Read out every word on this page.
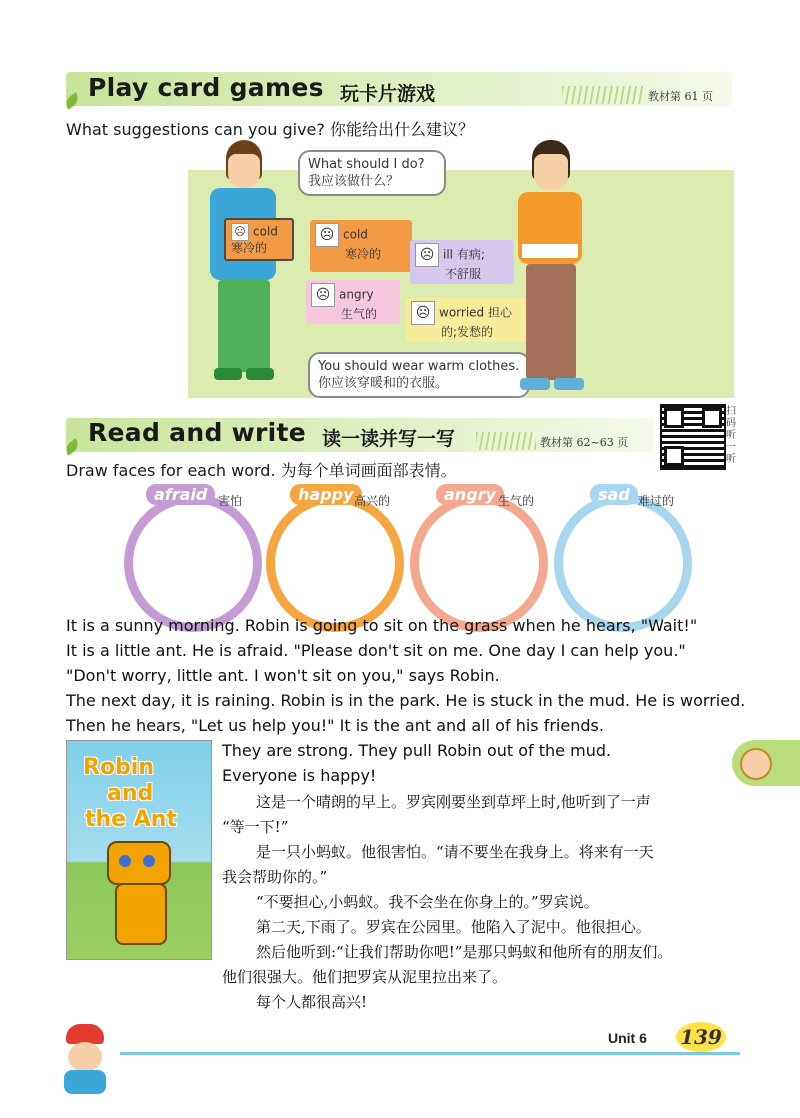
Play card games 玩卡片游戏	教材第 61 页
What suggestions can you give? 你能给出什么建议？
☹ cold
寒冷的
What should I do?
我应该做什么？
☹ cold
寒冷的	☹ ill 有病;
不舒服
☹ angry
生气的	☹ worried 担心
的;发愁的
You should wear warm clothes.
你应该穿暖和的衣服。
Read and write 读一读并写一写	教材第 62~63 页
扫码听一听
Draw faces for each word. 为每个单词画面部表情。
afraid 害怕	happy 高兴的	angry 生气的	sad 难过的
It is a sunny morning. Robin is going to sit on the grass when he hears, "Wait!"
It is a little ant. He is afraid. "Please don't sit on me. One day I can help you."
"Don't worry, little ant. I won't sit on you," says Robin.
The next day, it is raining. Robin is in the park. He is stuck in the mud. He is worried.
Then he hears, "Let us help you!" It is the ant and all of his friends.
They are strong. They pull Robin out of the mud.
Everyone is happy!
Robin
and
the Ant
这是一个晴朗的早上。罗宾刚要坐到草坪上时,他听到了一声
“等一下!”
是一只小蚂蚁。他很害怕。“请不要坐在我身上。将来有一天
我会帮助你的。”
“不要担心,小蚂蚁。我不会坐在你身上的。”罗宾说。
第二天,下雨了。罗宾在公园里。他陷入了泥中。他很担心。
然后他听到:“让我们帮助你吧!”是那只蚂蚁和他所有的朋友们。
他们很强大。他们把罗宾从泥里拉出来了。
每个人都很高兴!
Unit 6 139
